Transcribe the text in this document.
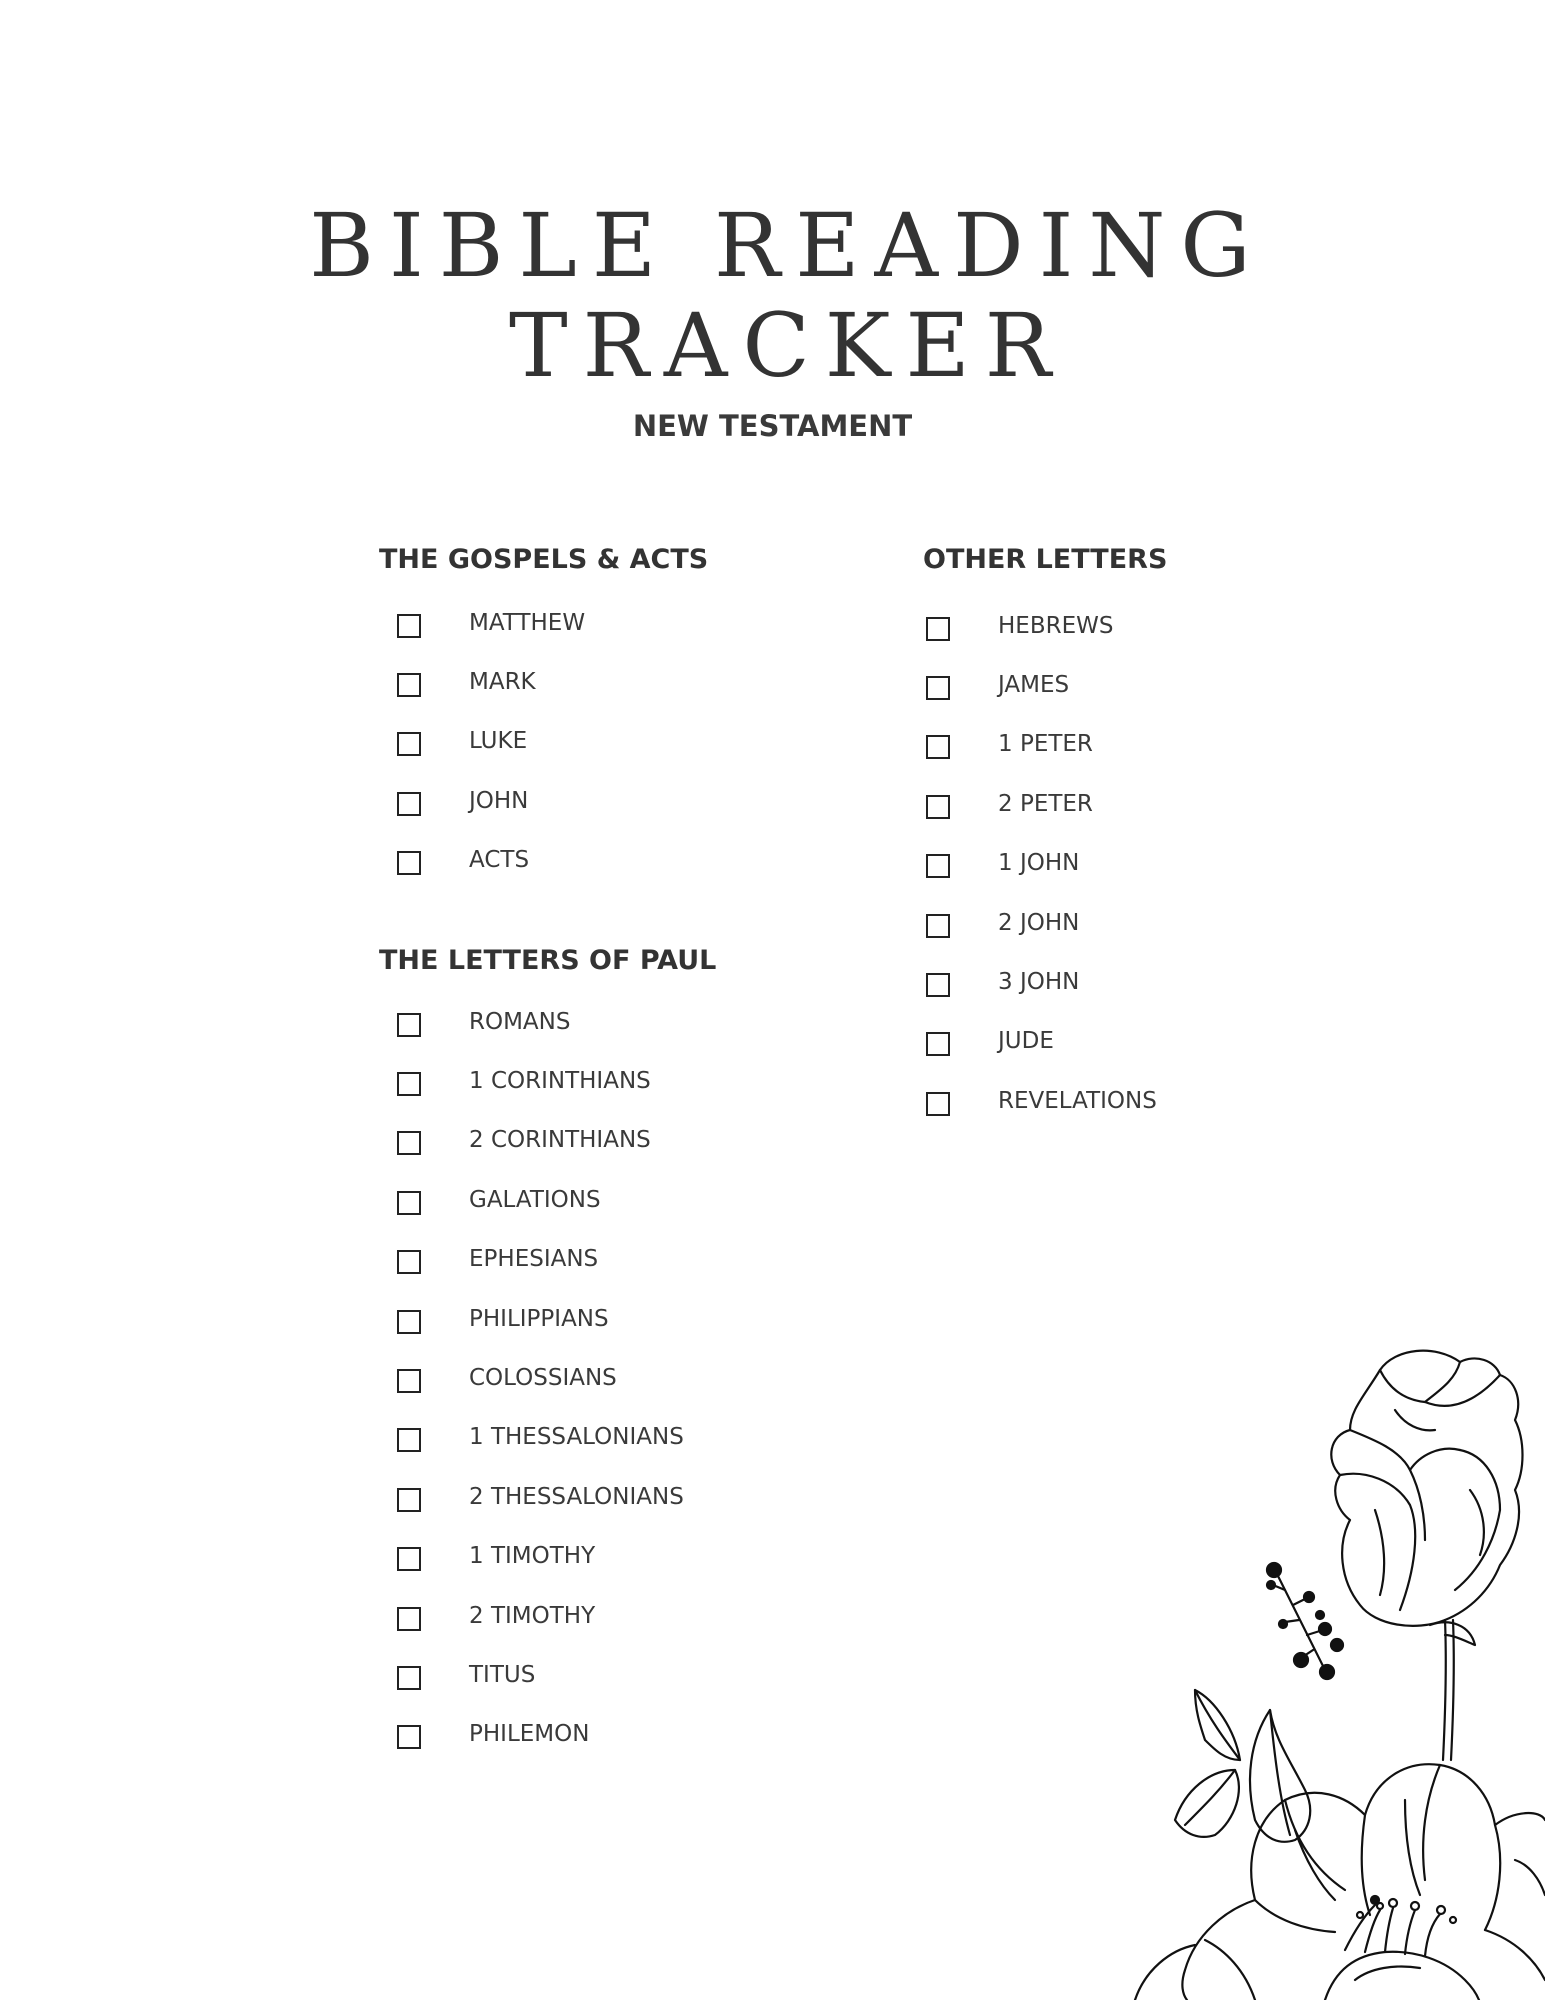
BIBLE READING
TRACKER
NEW TESTAMENT
THE GOSPELS & ACTS
MATTHEW
MARK
LUKE
JOHN
ACTS
THE LETTERS OF PAUL
ROMANS
1 CORINTHIANS
2 CORINTHIANS
GALATIONS
EPHESIANS
PHILIPPIANS
COLOSSIANS
1 THESSALONIANS
2 THESSALONIANS
1 TIMOTHY
2 TIMOTHY
TITUS
PHILEMON
OTHER LETTERS
HEBREWS
JAMES
1 PETER
2 PETER
1 JOHN
2 JOHN
3 JOHN
JUDE
REVELATIONS
